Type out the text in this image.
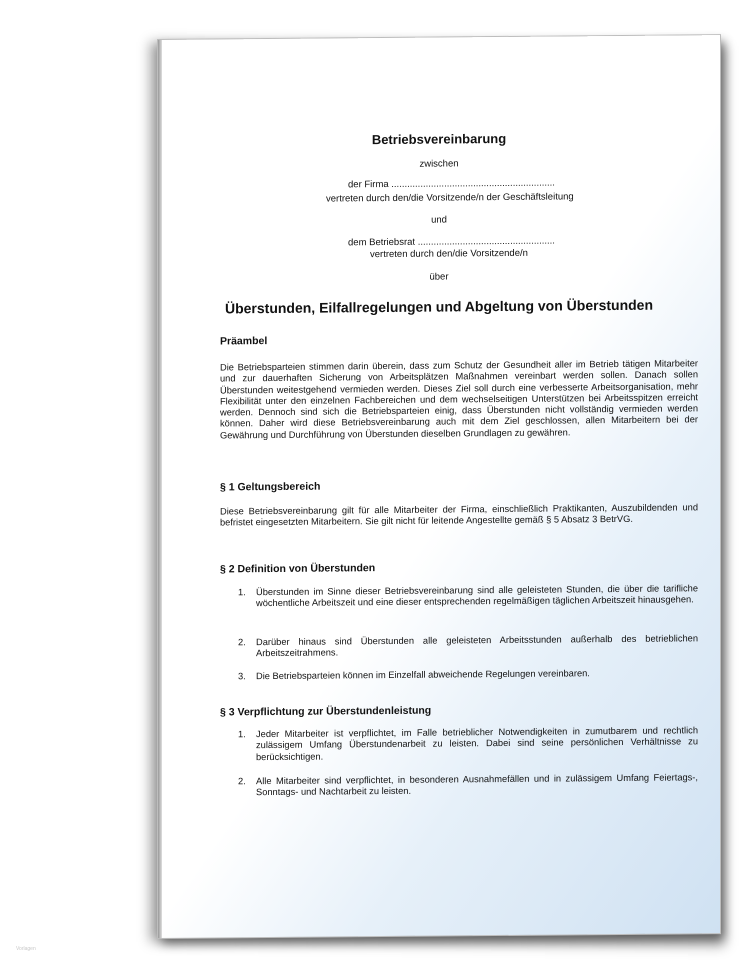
Betriebsvereinbarung
zwischen
der Firma ..............................................................
vertreten durch den/die Vorsitzende/n der Geschäftsleitung
und
dem Betriebsrat ....................................................
vertreten durch den/die Vorsitzende/n
über
Überstunden, Eilfallregelungen und Abgeltung von Überstunden
Präambel

Die Betriebsparteien stimmen darin überein, dass zum Schutz der Gesundheit aller im Betrieb tätigen Mitarbeiter und zur dauerhaften Sicherung von Arbeitsplätzen Maßnahmen vereinbart werden sollen. Danach sollen Überstunden weitestgehend vermieden werden. Dieses Ziel soll durch eine verbesserte Arbeitsorganisation, mehr Flexibilität unter den einzelnen Fachbereichen und dem wechselseitigen Unterstützen bei Arbeitsspitzen erreicht werden. Dennoch sind sich die Betriebsparteien einig, dass Überstunden nicht vollständig vermieden werden können. Daher wird diese Betriebsvereinbarung auch mit dem Ziel geschlossen, allen Mitarbeitern bei der Gewährung und Durchführung von Überstunden dieselben Grundlagen zu gewähren.

§ 1 Geltungsbereich

Diese Betriebsvereinbarung gilt für alle Mitarbeiter der Firma, einschließlich Praktikanten, Auszubildenden und befristet eingesetzten Mitarbeitern. Sie gilt nicht für leitende Angestellte gemäß § 5 Absatz 3 BetrVG.

§ 2 Definition von Überstunden
1. Überstunden im Sinne dieser Betriebsvereinbarung sind alle geleisteten Stunden, die über die tarifliche wöchentliche Arbeitszeit und eine dieser entsprechenden regelmäßigen täglichen Arbeitszeit hinausgehen.

2. Darüber hinaus sind Überstunden alle geleisteten Arbeitsstunden außerhalb des betrieblichen Arbeitszeitrahmens.

3. Die Betriebsparteien können im Einzelfall abweichende Regelungen vereinbaren.

§ 3 Verpflichtung zur Überstundenleistung
1. Jeder Mitarbeiter ist verpflichtet, im Falle betrieblicher Notwendigkeiten in zumutbarem und rechtlich zulässigem Umfang Überstundenarbeit zu leisten. Dabei sind seine persönlichen Verhältnisse zu berücksichtigen.

2. Alle Mitarbeiter sind verpflichtet, in besonderen Ausnahmefällen und in zulässigem Umfang Feiertags-, Sonntags- und Nachtarbeit zu leisten.

Vorlagen
